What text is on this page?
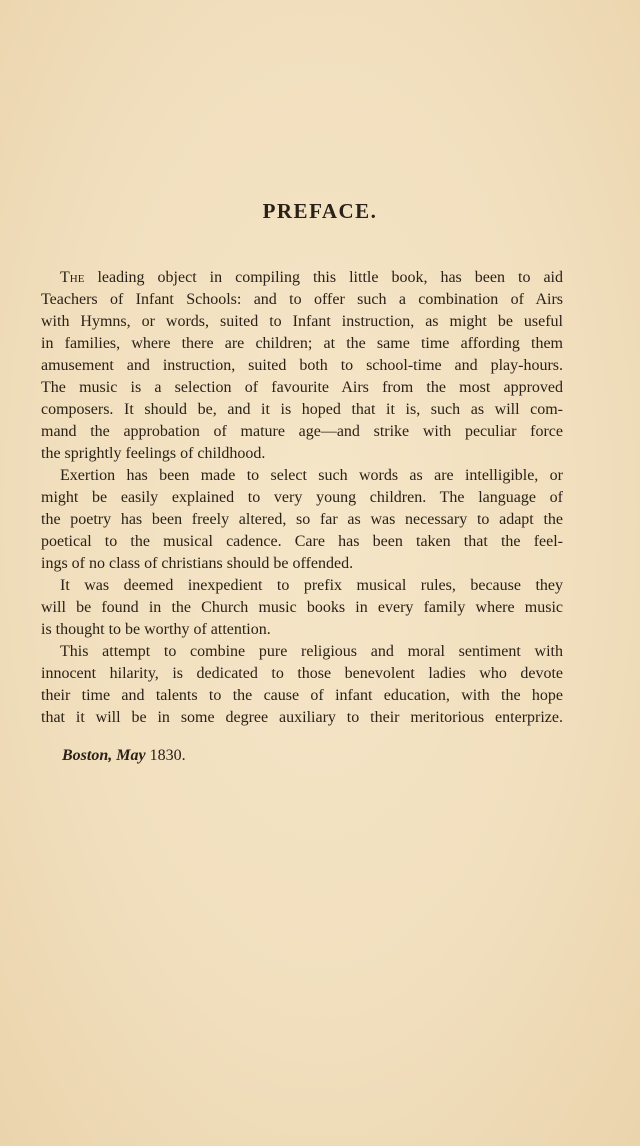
PREFACE.
The leading object in compiling this little book, has been to aid
Teachers of Infant Schools: and to offer such a combination of Airs
with Hymns, or words, suited to Infant instruction, as might be useful
in families, where there are children; at the same time affording them
amusement and instruction, suited both to school-time and play-hours.
The music is a selection of favourite Airs from the most approved
composers. It should be, and it is hoped that it is, such as will com-
mand the approbation of mature age—and strike with peculiar force
the sprightly feelings of childhood.
Exertion has been made to select such words as are intelligible, or
might be easily explained to very young children. The language of
the poetry has been freely altered, so far as was necessary to adapt the
poetical to the musical cadence. Care has been taken that the feel-
ings of no class of christians should be offended.
It was deemed inexpedient to prefix musical rules, because they
will be found in the Church music books in every family where music
is thought to be worthy of attention.
This attempt to combine pure religious and moral sentiment with
innocent hilarity, is dedicated to those benevolent ladies who devote
their time and talents to the cause of infant education, with the hope
that it will be in some degree auxiliary to their meritorious enterprize.
Boston, May 1830.
